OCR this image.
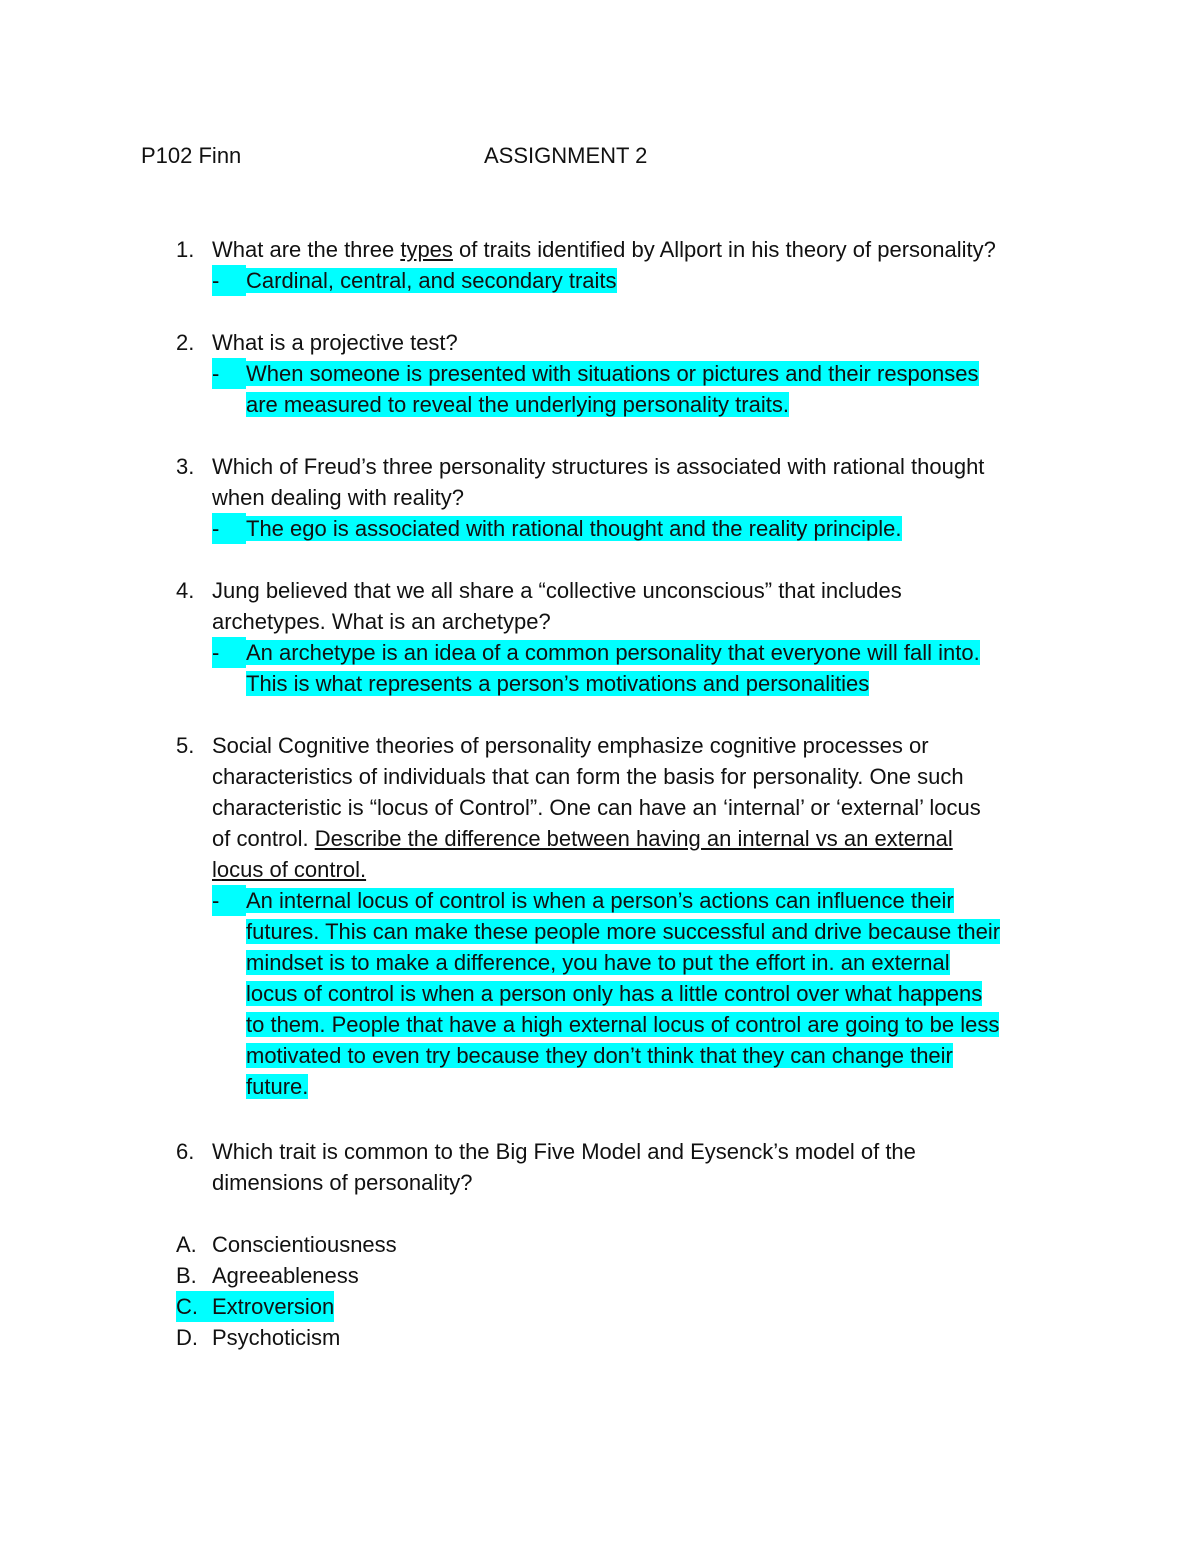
P102 Finn	ASSIGNMENT 2
1. What are the three types of traits identified by Allport in his theory of personality?
-	Cardinal, central, and secondary traits
2. What is a projective test?
-	When someone is presented with situations or pictures and their responses
are measured to reveal the underlying personality traits.
3. Which of Freud’s three personality structures is associated with rational thought
when dealing with reality?
-	The ego is associated with rational thought and the reality principle.
4. Jung believed that we all share a “collective unconscious” that includes
archetypes. What is an archetype?
-	An archetype is an idea of a common personality that everyone will fall into.
This is what represents a person’s motivations and personalities
5. Social Cognitive theories of personality emphasize cognitive processes or
characteristics of individuals that can form the basis for personality. One such
characteristic is “locus of Control”. One can have an ‘internal’ or ‘external’ locus
of control. Describe the difference between having an internal vs an external
locus of control.
-	An internal locus of control is when a person’s actions can influence their
futures. This can make these people more successful and drive because their
mindset is to make a difference, you have to put the effort in. an external
locus of control is when a person only has a little control over what happens
to them. People that have a high external locus of control are going to be less
motivated to even try because they don’t think that they can change their
future.
6. Which trait is common to the Big Five Model and Eysenck’s model of the
dimensions of personality?
A. Conscientiousness
B. Agreeableness
C. Extroversion
D. Psychoticism
